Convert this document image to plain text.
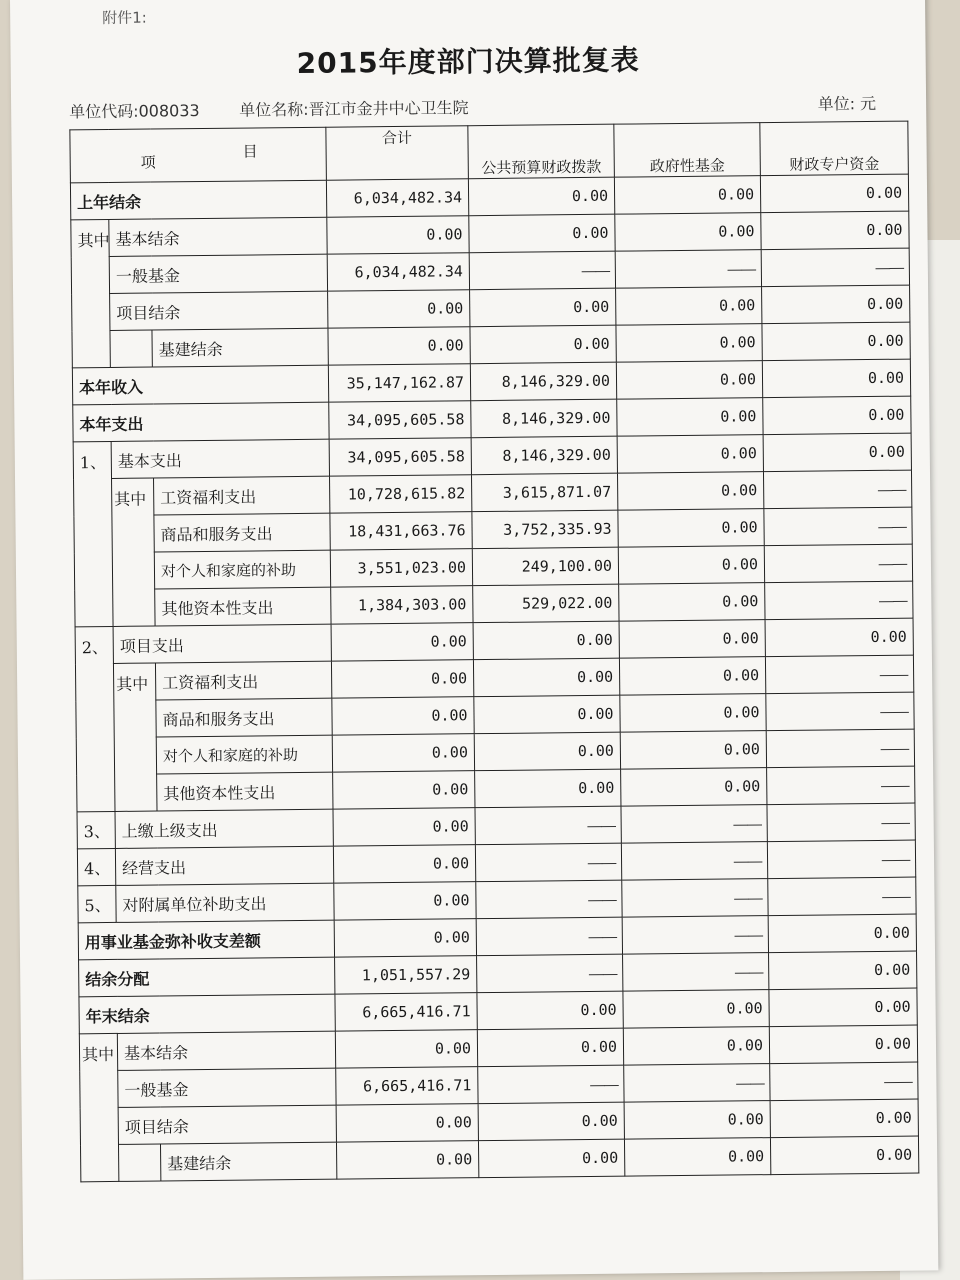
附件1:
2015年度部门决算批复表
单位代码:008033 单位名称:晋江市金井中心卫生院	单位: 元
项
目			合计	公共预算财政拨款	政府性基金	财政专户资金
上年结余			6,034,482.34	0.00	0.00	0.00
其中	基本结余		0.00	0.00	0.00	0.00
	一般基金		6,034,482.34	——	——	——
	项目结余		0.00	0.00	0.00	0.00
		基建结余	0.00	0.00	0.00	0.00
本年收入			35,147,162.87	8,146,329.00	0.00	0.00
本年支出			34,095,605.58	8,146,329.00	0.00	0.00
1、	基本支出		34,095,605.58	8,146,329.00	0.00	0.00
	其中	工资福利支出	10,728,615.82	3,615,871.07	0.00	——
		商品和服务支出	18,431,663.76	3,752,335.93	0.00	——
		对个人和家庭的补助	3,551,023.00	249,100.00	0.00	——
		其他资本性支出	1,384,303.00	529,022.00	0.00	——
2、	项目支出		0.00	0.00	0.00	0.00
	其中	工资福利支出	0.00	0.00	0.00	——
		商品和服务支出	0.00	0.00	0.00	——
		对个人和家庭的补助	0.00	0.00	0.00	——
		其他资本性支出	0.00	0.00	0.00	——
3、	上缴上级支出		0.00	——	——	——
4、	经营支出		0.00	——	——	——
5、	对附属单位补助支出		0.00	——	——	——
用事业基金弥补收支差额			0.00	——	——	0.00
结余分配			1,051,557.29	——	——	0.00
年末结余			6,665,416.71	0.00	0.00	0.00
其中	基本结余		0.00	0.00	0.00	0.00
	一般基金		6,665,416.71	——	——	——
	项目结余		0.00	0.00	0.00	0.00
		基建结余	0.00	0.00	0.00	0.00
